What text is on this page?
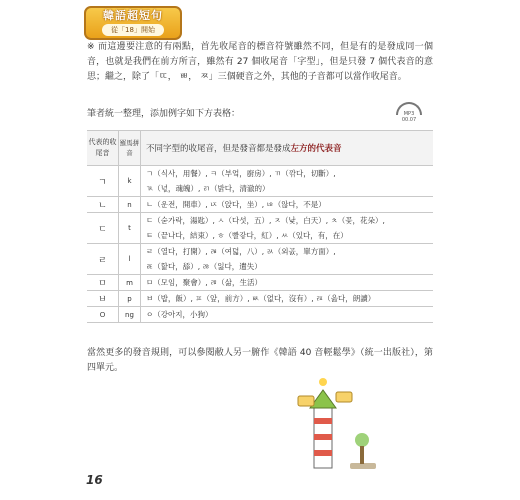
韓語超短句
從「18」開始
※ 而這邊要注意的有兩點，首先收尾音的標音符號雖然不同，但是有的是發成同一個音，也就是我們在前方所言，雖然有 27 個收尾音「字型」，但是只發 7 個代表音的意思；繼之，除了「ㄸ， ㅃ， ㅉ」三個硬音之外，其他的子音都可以當作收尾音。
筆者統一整理，添加例字如下方表格：	MP3
00.07
代表的收尾音	羅馬拼音	不同字型的收尾音，但是發音都是發成左方的代表音
ㄱ	k	ㄱ（식사，用餐）, ㅋ（부엌，廚房）, ㄲ（깎다，切斷）,
ㄳ（넋，魂魄）, ㄺ（밝다，清澈的）

ㄴ	n	ㄴ（운전，開車）, ㄵ（앉다，坐）, ㄶ（않다，不是）

ㄷ	t	ㄷ（숟가락，湯匙）, ㅅ（다섯，五）, ㅈ（낮，白天）, ㅊ（꽃，花朵）,
ㅌ（끝나다，結束）, ㅎ（빨갛다，紅）, ㅆ（있다，有，在）

ㄹ	l	ㄹ（열다，打開）, ㄼ（여덟，八）, ㄽ（외곬，單方面）,
ㄾ（핥다，舔）, ㅀ（잃다，遺失）

ㅁ	m	ㅁ（모임，聚會）, ㄻ（삶，生活）

ㅂ	p	ㅂ（밥，飯）, ㅍ（앞，前方）, ㅄ（없다，沒有）, ㄿ（읊다，朗讀）

ㅇ	ng	ㅇ（강아지，小狗）
當然更多的發音規則，可以參閱敝人另一腑作《韓語 40 音輕鬆學》（統一出版社），第四單元。
16
